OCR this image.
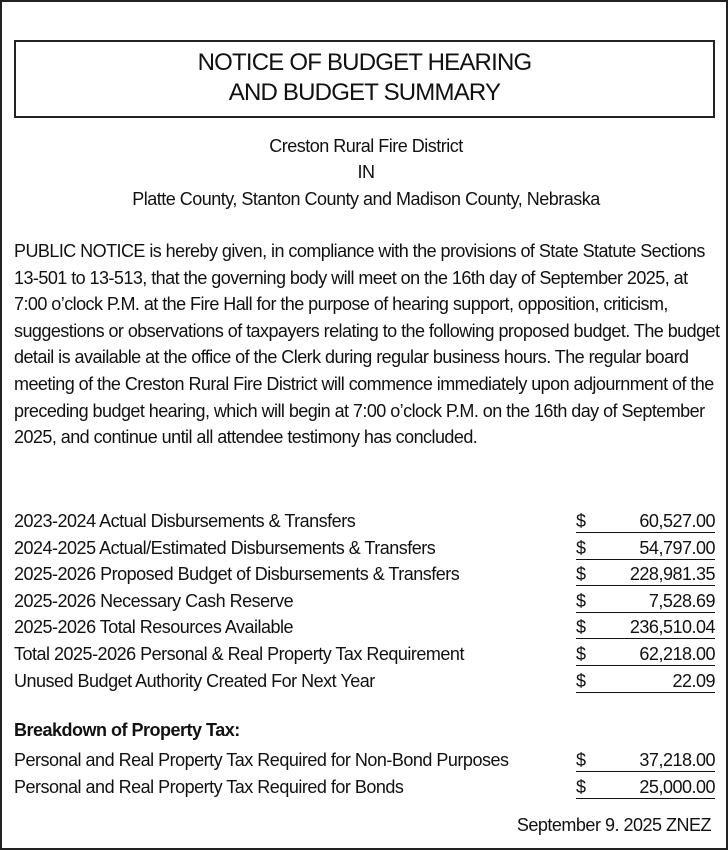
NOTICE OF BUDGET HEARING
AND BUDGET SUMMARY
Creston Rural Fire District
IN
Platte County, Stanton County and Madison County, Nebraska
PUBLIC NOTICE is hereby given, in compliance with the provisions of State Statute Sections 13-501 to 13-513, that the governing body will meet on the 16th day of September 2025, at 7:00 o’clock P.M. at the Fire Hall for the purpose of hearing support, opposition, criticism, suggestions or observations of taxpayers relating to the following proposed budget. The budget detail is available at the office of the Clerk during regular business hours. The regular board meeting of the Creston Rural Fire District will commence immediately upon adjournment of the preceding budget hearing, which will begin at 7:00 o’clock P.M. on the 16th day of September 2025, and continue until all attendee testimony has concluded.
2023-2024 Actual Disbursements & Transfers	$	60,527.00
2024-2025 Actual/Estimated Disbursements & Transfers	$	54,797.00
2025-2026 Proposed Budget of Disbursements & Transfers	$ 228,981.35
2025-2026 Necessary Cash Reserve	$	7,528.69
2025-2026 Total Resources Available	$ 236,510.04
Total 2025-2026 Personal & Real Property Tax Requirement	$	62,218.00
Unused Budget Authority Created For Next Year	$	22.09
Breakdown of Property Tax:
Personal and Real Property Tax Required for Non-Bond Purposes	$	37,218.00
Personal and Real Property Tax Required for Bonds	$	25,000.00
September 9. 2025 ZNEZ
